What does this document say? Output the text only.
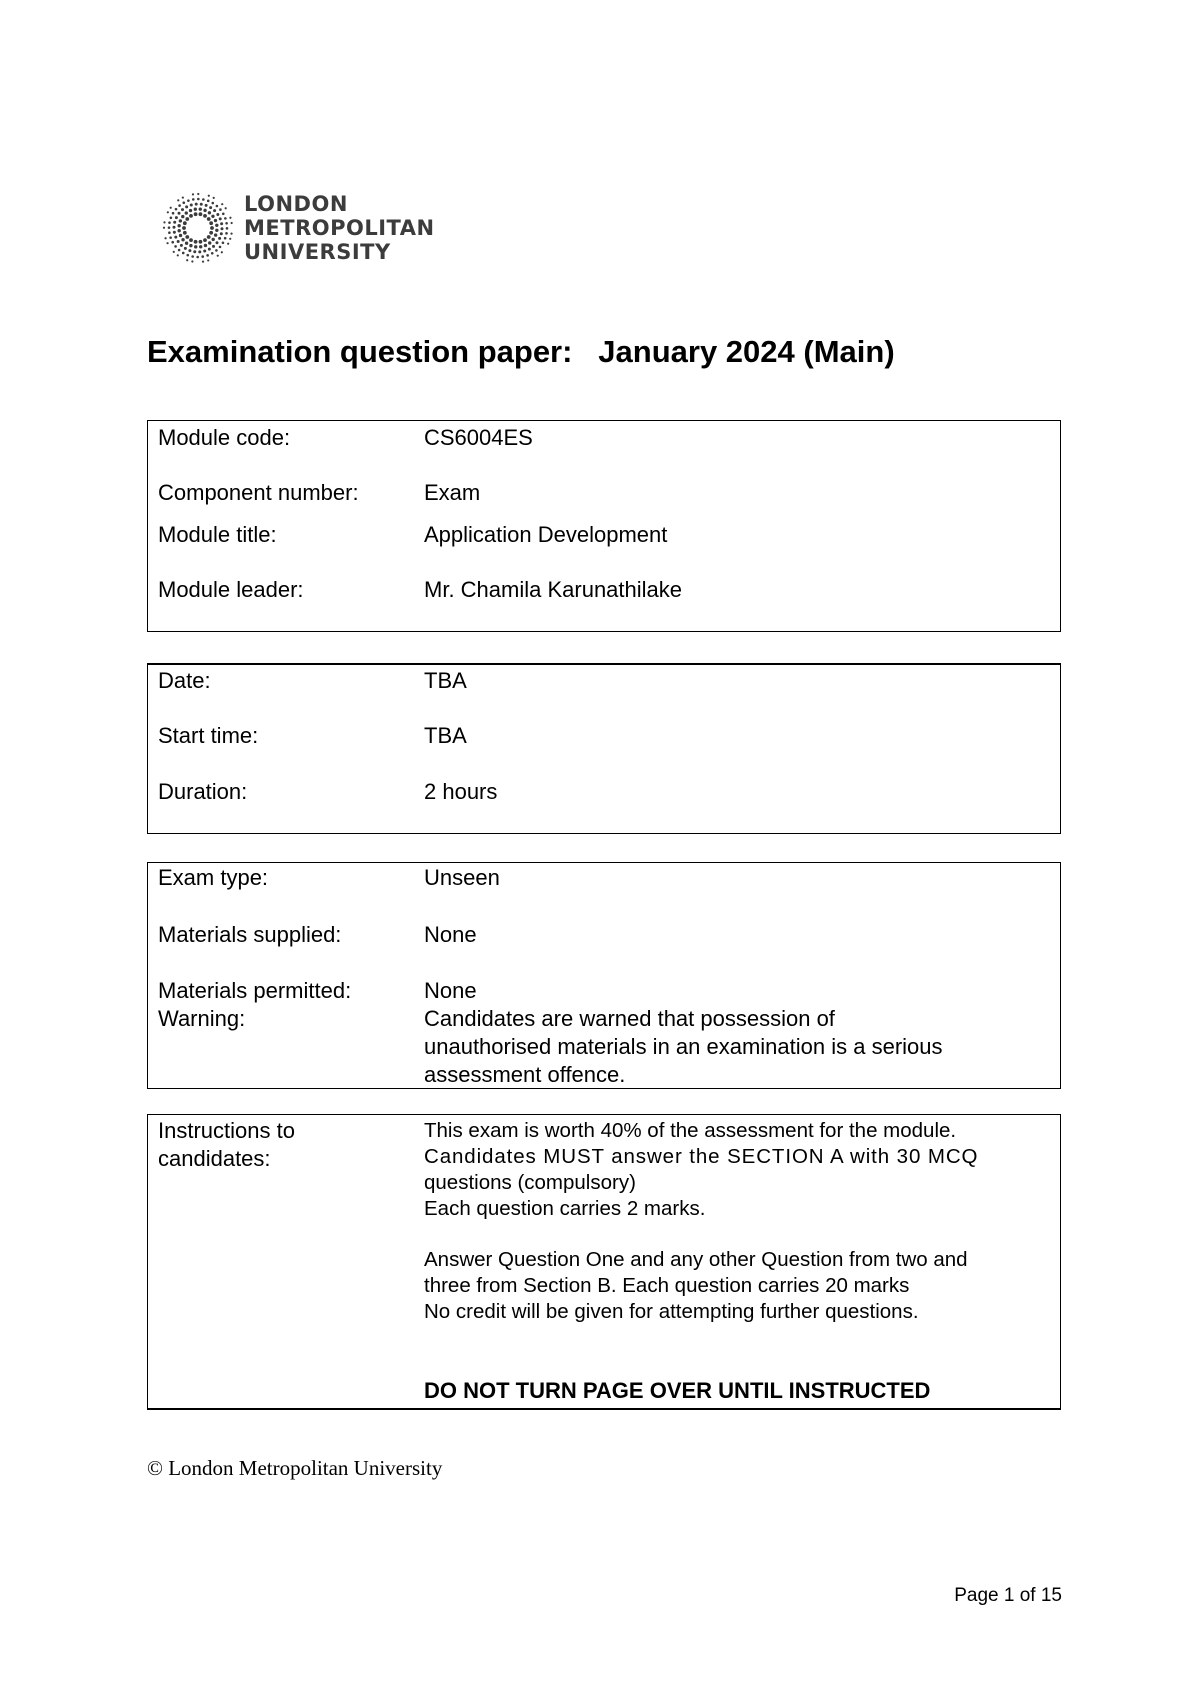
LONDON
METROPOLITAN
UNIVERSITY
Examination question paper: January 2024 (Main)
Module code:	CS6004ES
Component number:	Exam
Module title:	Application Development
Module leader:	Mr. Chamila Karunathilake
Date:	TBA
Start time:	TBA
Duration:	2 hours
Exam type:	Unseen
Materials supplied:	None
Materials permitted:	None
Warning:	Candidates are warned that possession of
unauthorised materials in an examination is a serious
assessment offence.
Instructions to
candidates:
This exam is worth 40% of the assessment for the module.
Candidates MUST answer the SECTION A with 30 MCQ
questions (compulsory)
Each question carries 2 marks.
Answer Question One and any other Question from two and
three from Section B. Each question carries 20 marks
No credit will be given for attempting further questions.
DO NOT TURN PAGE OVER UNTIL INSTRUCTED
© London Metropolitan University
Page 1 of 15
